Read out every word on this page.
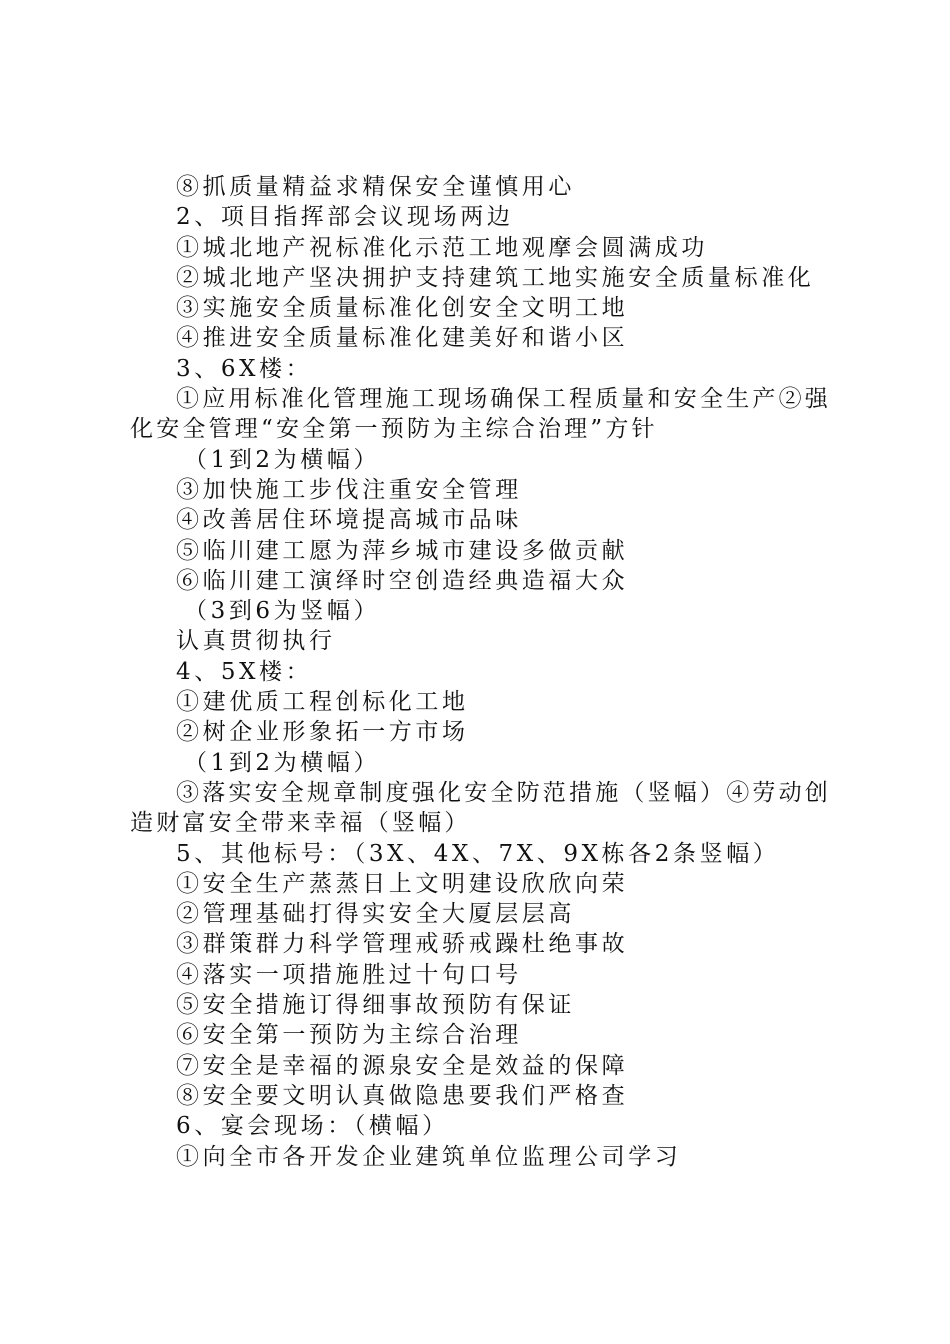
⑧抓质量精益求精保安全谨慎用心
2、项目指挥部会议现场两边
①城北地产祝标准化示范工地观摩会圆满成功
②城北地产坚决拥护支持建筑工地实施安全质量标准化
③实施安全质量标准化创安全文明工地
④推进安全质量标准化建美好和谐小区
3、6X楼：
①应用标准化管理施工现场确保工程质量和安全生产②强化安全管理“安全第一预防为主综合治理”方针
（1到2为横幅）
③加快施工步伐注重安全管理
④改善居住环境提高城市品味
⑤临川建工愿为萍乡城市建设多做贡献
⑥临川建工演绎时空创造经典造福大众
（3到6为竖幅）
认真贯彻执行
4、5X楼：
①建优质工程创标化工地
②树企业形象拓一方市场
（1到2为横幅）
③落实安全规章制度强化安全防范措施（竖幅）④劳动创造财富安全带来幸福（竖幅）
5、其他标号：（3X、4X、7X、9X栋各2条竖幅）
①安全生产蒸蒸日上文明建设欣欣向荣
②管理基础打得实安全大厦层层高
③群策群力科学管理戒骄戒躁杜绝事故
④落实一项措施胜过十句口号
⑤安全措施订得细事故预防有保证
⑥安全第一预防为主综合治理
⑦安全是幸福的源泉安全是效益的保障
⑧安全要文明认真做隐患要我们严格查
6、宴会现场：（横幅）
①向全市各开发企业建筑单位监理公司学习
